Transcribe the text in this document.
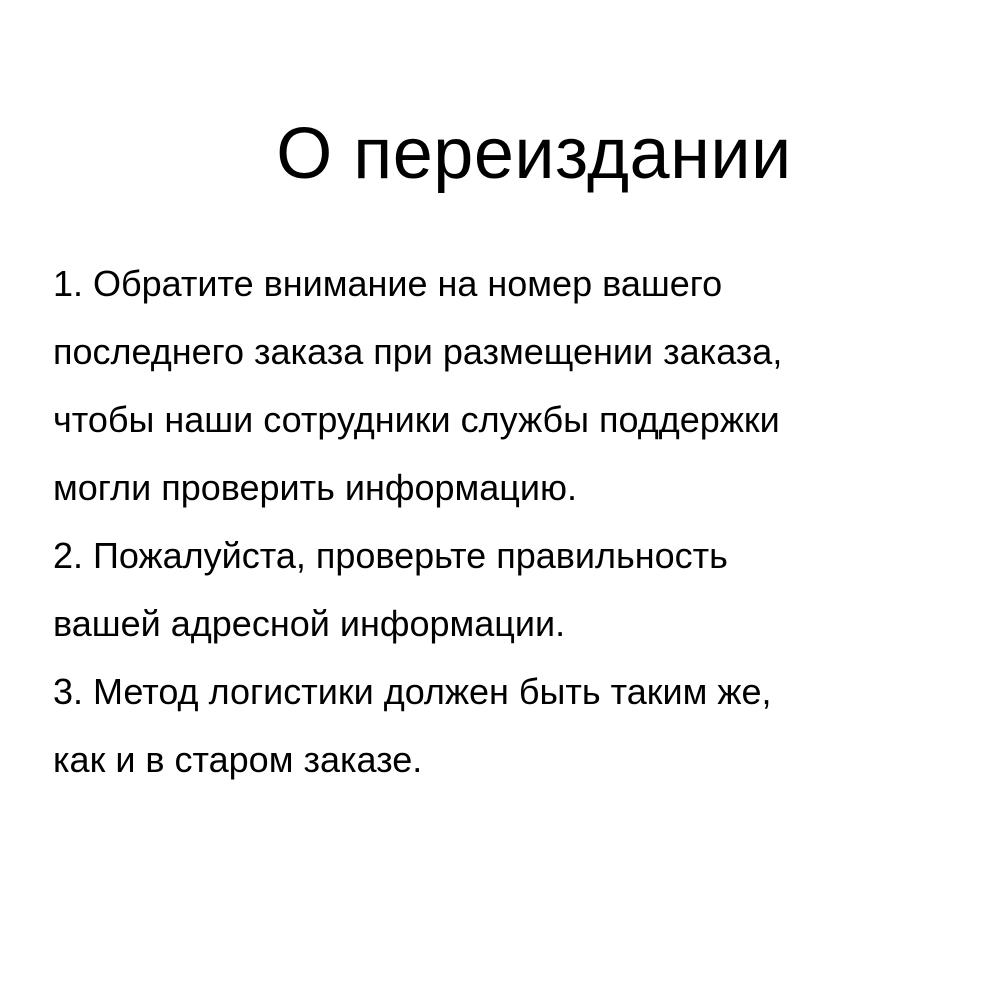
О переиздании
1. Обратите внимание на номер вашего
последнего заказа при размещении заказа,
чтобы наши сотрудники службы поддержки
могли проверить информацию.
2. Пожалуйста, проверьте правильность
вашей адресной информации.
3. Метод логистики должен быть таким же,
как и в старом заказе.
